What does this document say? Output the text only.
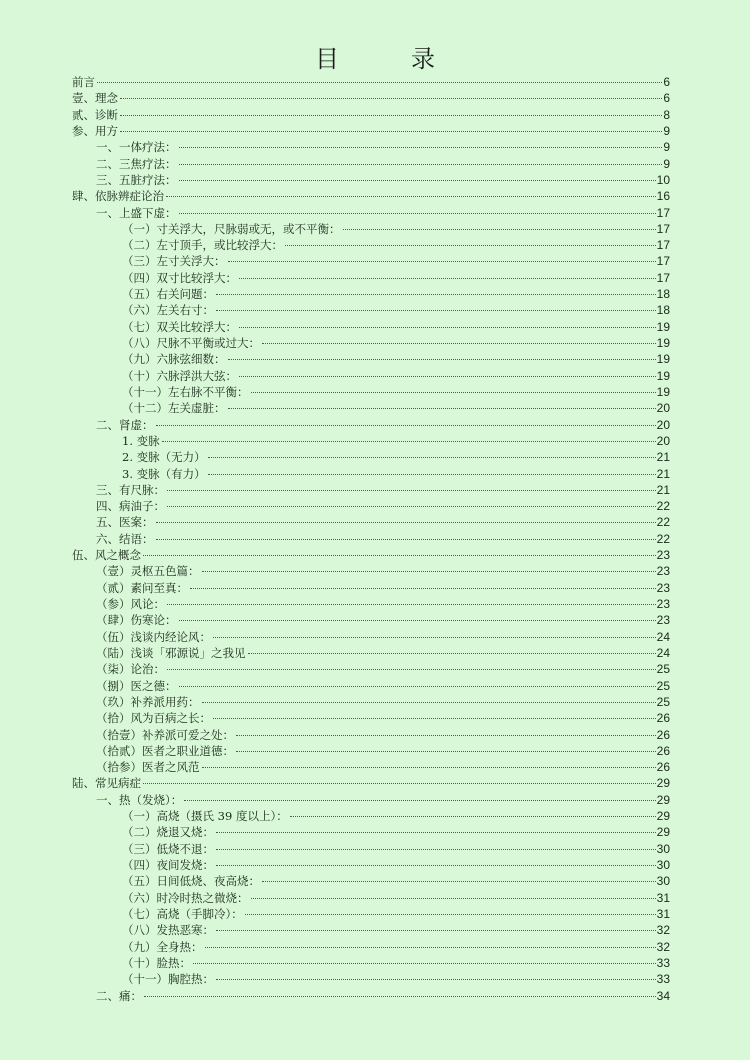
目　录
前言	6
壹、理念	6
贰、诊断	8
参、用方	9
一、一体疗法：	9
二、三焦疗法：	9
三、五脏疗法：	10
肆、依脉辨症论治	16
一、上盛下虚：	17
（一）寸关浮大，尺脉弱或无，或不平衡：	17
（二）左寸顶手，或比较浮大：	17
（三）左寸关浮大：	17
（四）双寸比较浮大：	17
（五）右关问题：	18
（六）左关右寸：	18
（七）双关比较浮大：	19
（八）尺脉不平衡或过大：	19
（九）六脉弦细数：	19
（十）六脉浮洪大弦：	19
（十一）左右脉不平衡：	19
（十二）左关虚脏：	20
二、肾虚：	20
1. 变脉	20
2. 变脉（无力）	21
3. 变脉（有力）	21
三、有尺脉：	21
四、病油子：	22
五、医案：	22
六、结语：	22
伍、风之概念	23
（壹）灵枢五色篇：	23
（贰）素问至真：	23
（参）风论：	23
（肆）伤寒论：	23
（伍）浅谈内经论风：	24
（陆）浅谈「邪源说」之我见	24
（柒）论治：	25
（捌）医之德：	25
（玖）补养派用药：	25
（拾）风为百病之长：	26
（拾壹）补养派可爱之处：	26
（拾贰）医者之职业道德：	26
（拾参）医者之风范	26
陆、常见病症	29
一、热（发烧）：	29
（一）高烧（摄氏 39 度以上）：	29
（二）烧退又烧：	29
（三）低烧不退：	30
（四）夜间发烧：	30
（五）日间低烧、夜高烧：	30
（六）时冷时热之微烧：	31
（七）高烧（手脚冷）：	31
（八）发热恶寒：	32
（九）全身热：	32
（十）脸热：	33
（十一）胸腔热：	33
二、痛：	34
